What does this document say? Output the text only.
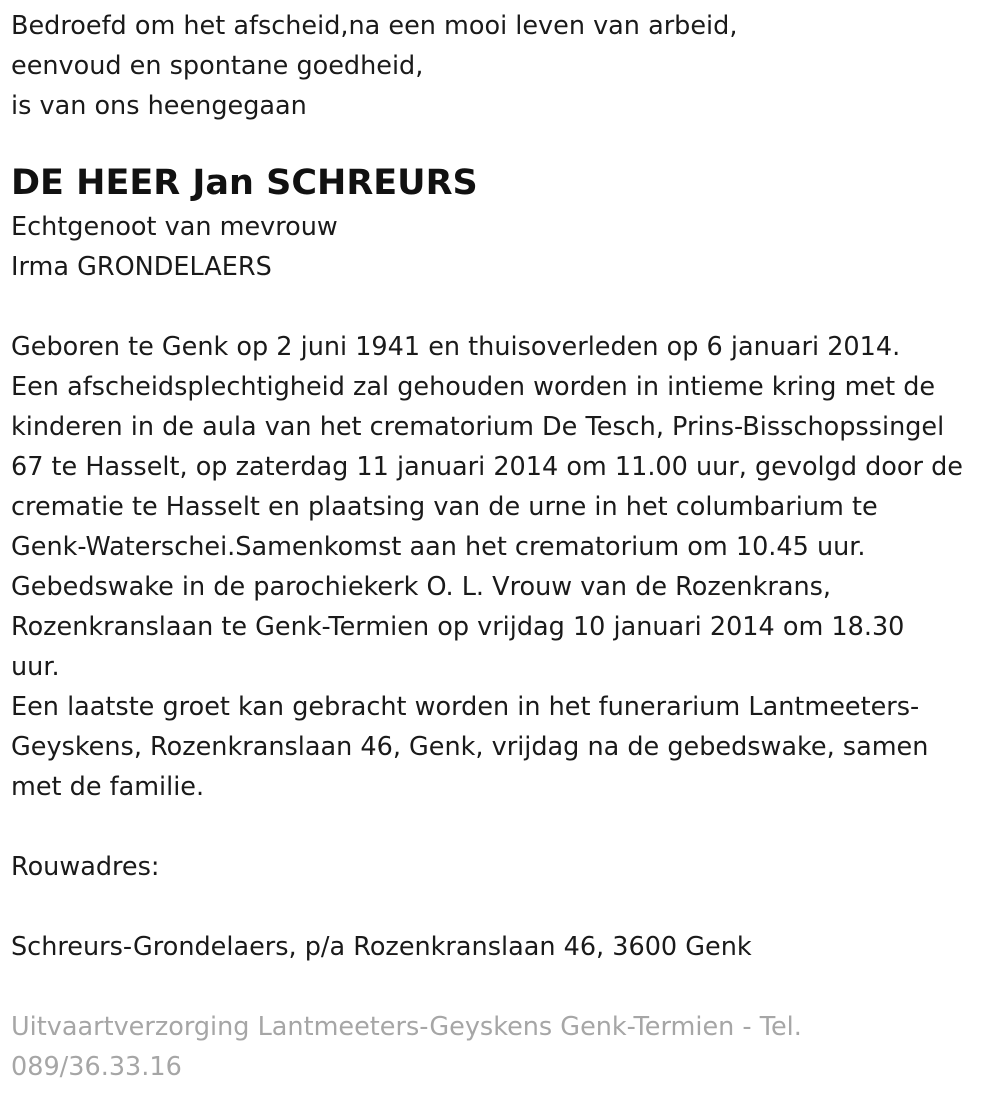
Bedroefd om het afscheid,na een mooi leven van arbeid,
eenvoud en spontane goedheid,
is van ons heengegaan
DE HEER Jan SCHREURS
Echtgenoot van mevrouw
Irma GRONDELAERS
Geboren te Genk op 2 juni 1941 en thuisoverleden op 6 januari 2014.
Een afscheidsplechtigheid zal gehouden worden in intieme kring met de
kinderen in de aula van het crematorium De Tesch, Prins-Bisschopssingel
67 te Hasselt, op zaterdag 11 januari 2014 om 11.00 uur, gevolgd door de
crematie te Hasselt en plaatsing van de urne in het columbarium te
Genk-Waterschei.Samenkomst aan het crematorium om 10.45 uur.
Gebedswake in de parochiekerk O. L. Vrouw van de Rozenkrans,
Rozenkranslaan te Genk-Termien op vrijdag 10 januari 2014 om 18.30
uur.
Een laatste groet kan gebracht worden in het funerarium Lantmeeters-
Geyskens, Rozenkranslaan 46, Genk, vrijdag na de gebedswake, samen
met de familie.
Rouwadres:
Schreurs-Grondelaers, p/a Rozenkranslaan 46, 3600 Genk
Uitvaartverzorging Lantmeeters-Geyskens Genk-Termien - Tel.
089/36.33.16
